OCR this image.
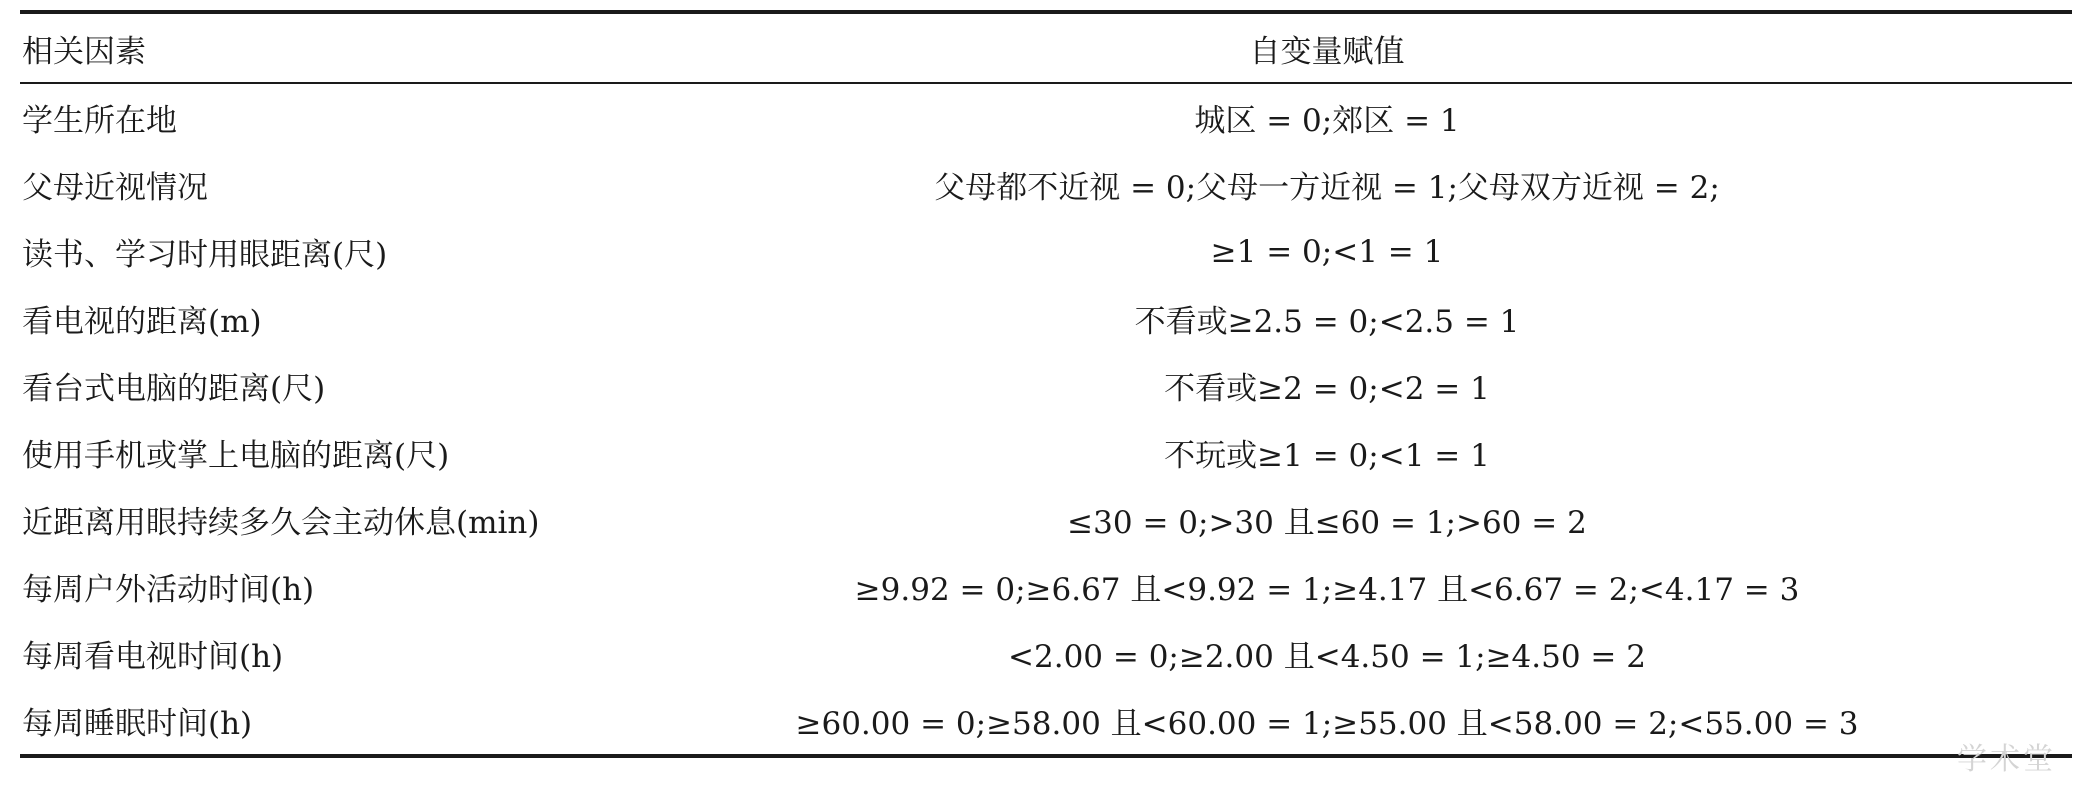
相关因素	自变量赋值
学生所在地	城区 = 0;郊区 = 1
父母近视情况	父母都不近视 = 0;父母一方近视 = 1;父母双方近视 = 2;
读书、学习时用眼距离(尺)	≥1 = 0;<1 = 1
看电视的距离(m)	不看或≥2.5 = 0;<2.5 = 1
看台式电脑的距离(尺)	不看或≥2 = 0;<2 = 1
使用手机或掌上电脑的距离(尺)	不玩或≥1 = 0;<1 = 1
近距离用眼持续多久会主动休息(min)	≤30 = 0;>30 且≤60 = 1;>60 = 2
每周户外活动时间(h)	≥9.92 = 0;≥6.67 且<9.92 = 1;≥4.17 且<6.67 = 2;<4.17 = 3
每周看电视时间(h)	<2.00 = 0;≥2.00 且<4.50 = 1;≥4.50 = 2
每周睡眠时间(h)	≥60.00 = 0;≥58.00 且<60.00 = 1;≥55.00 且<58.00 = 2;<55.00 = 3
学术堂
